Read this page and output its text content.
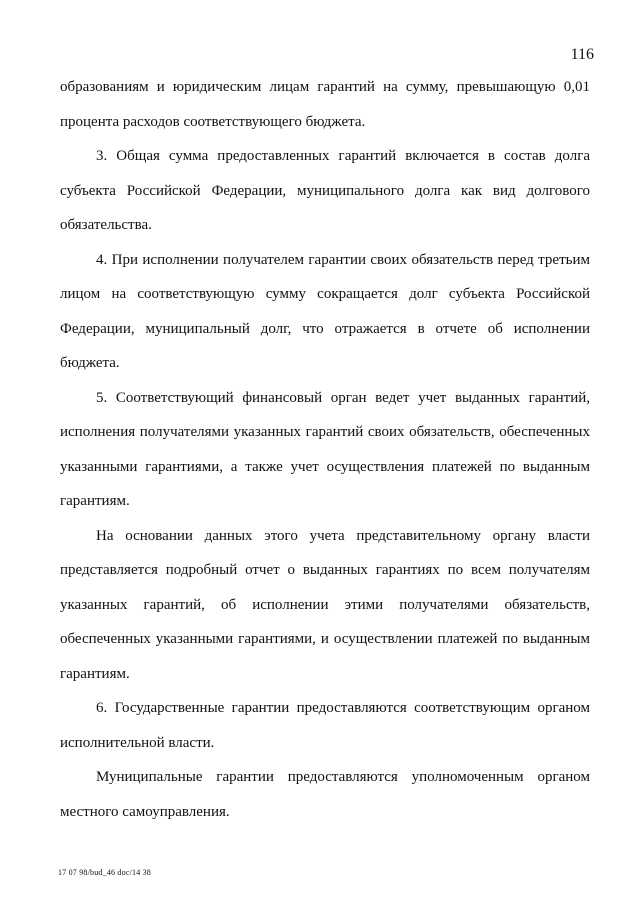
116

образованиям и юридическим лицам гарантий на сумму, превышающую 0,01 процента расходов соответствующего бюджета.

3. Общая сумма предоставленных гарантий включается в состав долга субъекта Российской Федерации, муниципального долга как вид долгового обязательства.

4. При исполнении получателем гарантии своих обязательств перед третьим лицом на соответствующую сумму сокращается долг субъекта Российской Федерации, муниципальный долг, что отражается в отчете об исполнении бюджета.

5. Соответствующий финансовый орган ведет учет выданных гарантий, исполнения получателями указанных гарантий своих обязательств, обеспеченных указанными гарантиями, а также учет осуществления платежей по выданным гарантиям.

На основании данных этого учета представительному органу власти представляется подробный отчет о выданных гарантиях по всем получателям указанных гарантий, об исполнении этими получателями обязательств, обеспеченных указанными гарантиями, и осуществлении платежей по выданным гарантиям.

6. Государственные гарантии предоставляются соответствующим органом исполнительной власти.

Муниципальные гарантии предоставляются уполномоченным органом местного самоуправления.

17 07 98/bud_46 doc/14 38
